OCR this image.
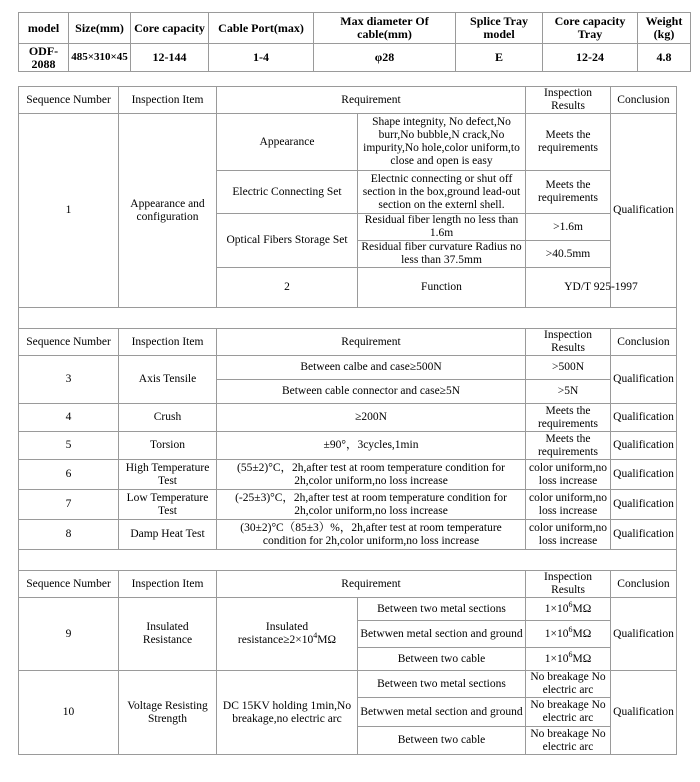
model	Size(mm)	Core capacity	Cable Port(max)	Max diameter Of cable(mm)	Splice Tray model	Core capacity Tray	Weight (kg)
ODF-2088	485×310×45	12-144	1-4	φ28	E	12-24	4.8
Sequence Number	Inspection Item	Requirement		Inspection Results	Conclusion	
1	Appearance and configuration	Appearance	Shape integnity, No defect,No burr,No bubble,N crack,No impurity,No hole,color uniform,to close and open is easy	Meets the requirements	Qualification	
		Electric Connecting Set	Electnic connecting or shut off section in the box,ground lead-out section on the externl shell.	Meets the requirements		
		Optical Fibers Storage Set	Residual fiber length no less than 1.6m	>1.6m		
			Residual fiber curvature Radius no less than 37.5mm	>40.5mm		
		2	Function	YD/T 925-1997		

Sequence Number	Inspection Item	Requirement		Inspection Results	Conclusion	
3	Axis Tensile	Between calbe and case≥500N		>500N	Qualification	
		Between cable connector and case≥5N		>5N		
4	Crush	≥200N		Meets the requirements	Qualification	
5	Torsion	±90°，3cycles,1min		Meets the requirements	Qualification	
6	High Temperature Test	(55±2)°C，2h,after test at room temperature condition for 2h,color uniform,no loss increase		color uniform,no loss increase	Qualification	
7	Low Temperature Test	(-25±3)°C，2h,after test at room temperature condition for 2h,color uniform,no loss increase		color uniform,no loss increase	Qualification	
8	Damp Heat Test	(30±2)°C（85±3）%，2h,after test at room temperature condition for 2h,color uniform,no loss increase		color uniform,no loss increase	Qualification	

Sequence Number	Inspection Item	Requirement		Inspection Results	Conclusion	
9	Insulated Resistance	Insulated $resistance\ge 2\times 10^4M\Omega$	Between two metal sections	$1\times 10^6M\Omega$	Qualification	
			Betwwen metal section and ground	$1\times 10^6M\Omega$		
			Between two cable	$1\times 10^6M\Omega$		
10	Voltage Resisting Strength	DC 15KV holding 1min,No breakage,no electric arc	Between two metal sections	No breakage No electric arc	Qualification	
			Betwwen metal section and ground	No breakage No electric arc		
			Between two cable	No breakage No electric arc		
